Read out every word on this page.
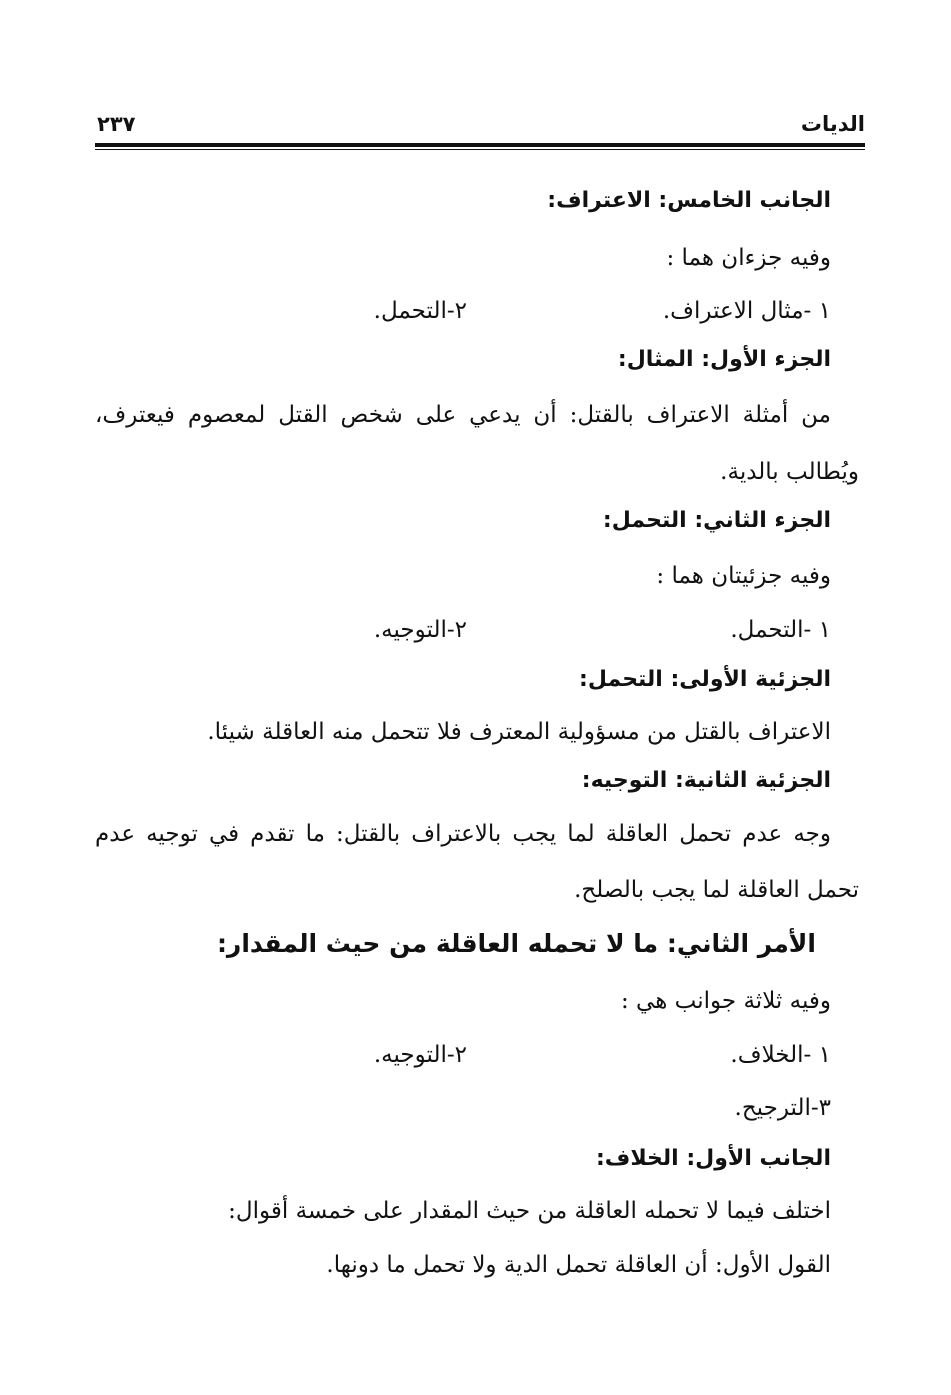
الديات
٢٣٧
الجانب الخامس: الاعتراف:
وفيه جزءان هما :
١ -مثال الاعتراف.
٢-التحمل.
الجزء الأول: المثال:
من أمثلة الاعتراف بالقتل: أن يدعي على شخص القتل لمعصوم فيعترف،
ويُطالب بالدية.
الجزء الثاني: التحمل:
وفيه جزئيتان هما :
١ -التحمل.
٢-التوجيه.
الجزئية الأولى: التحمل:
الاعتراف بالقتل من مسؤولية المعترف فلا تتحمل منه العاقلة شيئا.
الجزئية الثانية: التوجيه:
وجه عدم تحمل العاقلة لما يجب بالاعتراف بالقتل: ما تقدم في توجيه عدم
تحمل العاقلة لما يجب بالصلح.
الأمر الثاني: ما لا تحمله العاقلة من حيث المقدار:
وفيه ثلاثة جوانب هي :
١ -الخلاف.
٢-التوجيه.
٣-الترجيح.
الجانب الأول: الخلاف:
اختلف فيما لا تحمله العاقلة من حيث المقدار على خمسة أقوال:
القول الأول: أن العاقلة تحمل الدية ولا تحمل ما دونها.
